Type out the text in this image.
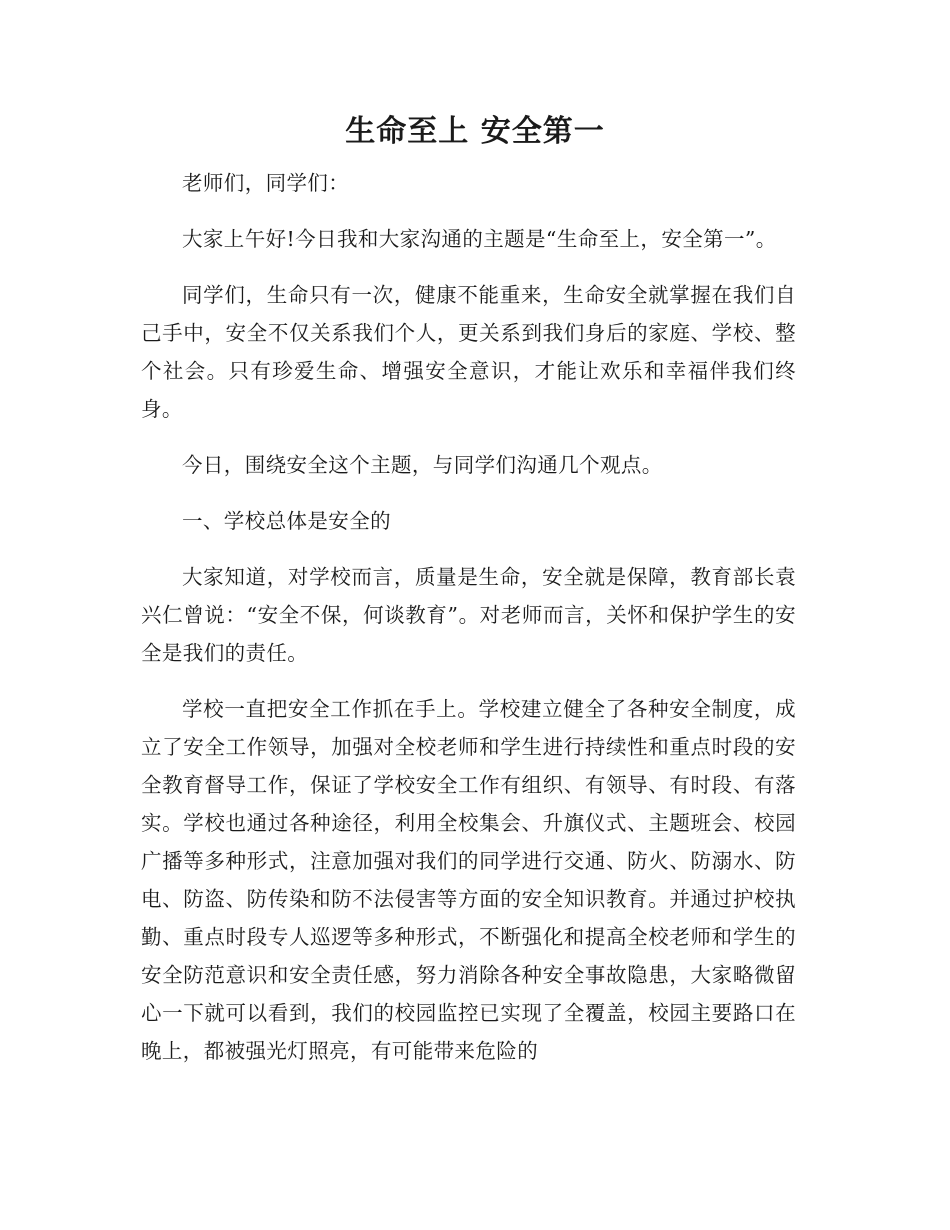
生命至上 安全第一

老师们，同学们：

大家上午好!今日我和大家沟通的主题是“生命至上，安全第一”。

同学们，生命只有一次，健康不能重来，生命安全就掌握在我们自己手中，安全不仅关系我们个人，更关系到我们身后的家庭、学校、整个社会。只有珍爱生命、增强安全意识，才能让欢乐和幸福伴我们终身。

今日，围绕安全这个主题，与同学们沟通几个观点。

一、学校总体是安全的

大家知道，对学校而言，质量是生命，安全就是保障，教育部长袁兴仁曾说：“安全不保，何谈教育”。对老师而言，关怀和保护学生的安全是我们的责任。

学校一直把安全工作抓在手上。学校建立健全了各种安全制度，成立了安全工作领导，加强对全校老师和学生进行持续性和重点时段的安全教育督导工作，保证了学校安全工作有组织、有领导、有时段、有落实。学校也通过各种途径，利用全校集会、升旗仪式、主题班会、校园广播等多种形式，注意加强对我们的同学进行交通、防火、防溺水、防电、防盗、防传染和防不法侵害等方面的安全知识教育。并通过护校执勤、重点时段专人巡逻等多种形式，不断强化和提高全校老师和学生的安全防范意识和安全责任感，努力消除各种安全事故隐患，大家略微留心一下就可以看到，我们的校园监控已实现了全覆盖，校园主要路口在晚上，都被强光灯照亮，有可能带来危险的
